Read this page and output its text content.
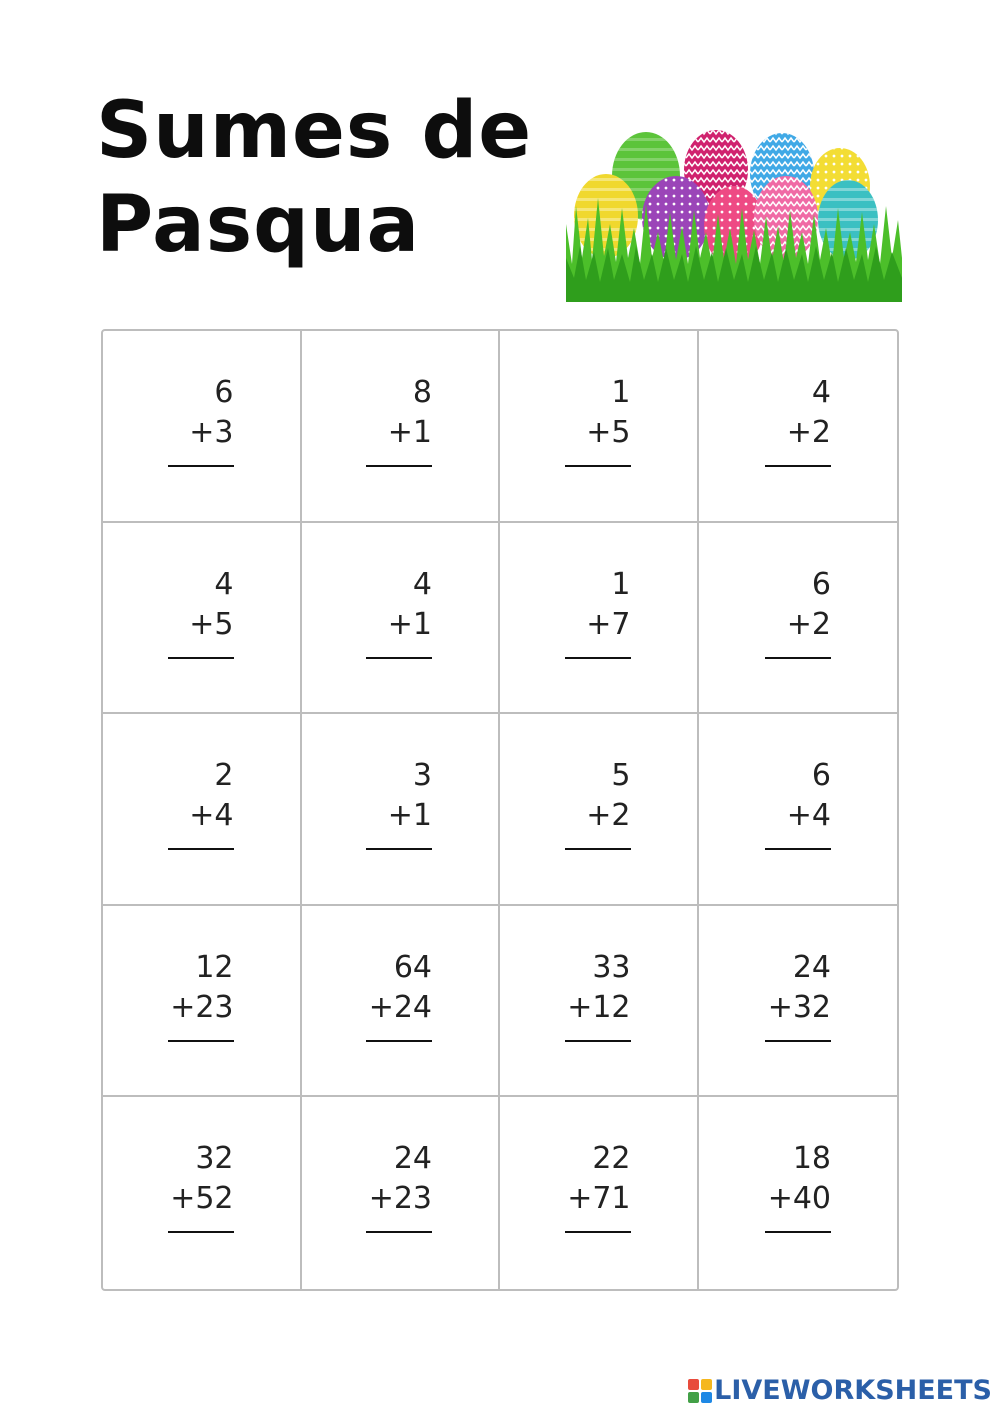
Sumes de
Pasqua
6
+3
8
+1
1
+5
4
+2
4
+5
4
+1
1
+7
6
+2
2
+4
3
+1
5
+2
6
+4
12
+23
64
+24
33
+12
24
+32
32
+52
24
+23
22
+71
18
+40
LIVEWORKSHEETS
